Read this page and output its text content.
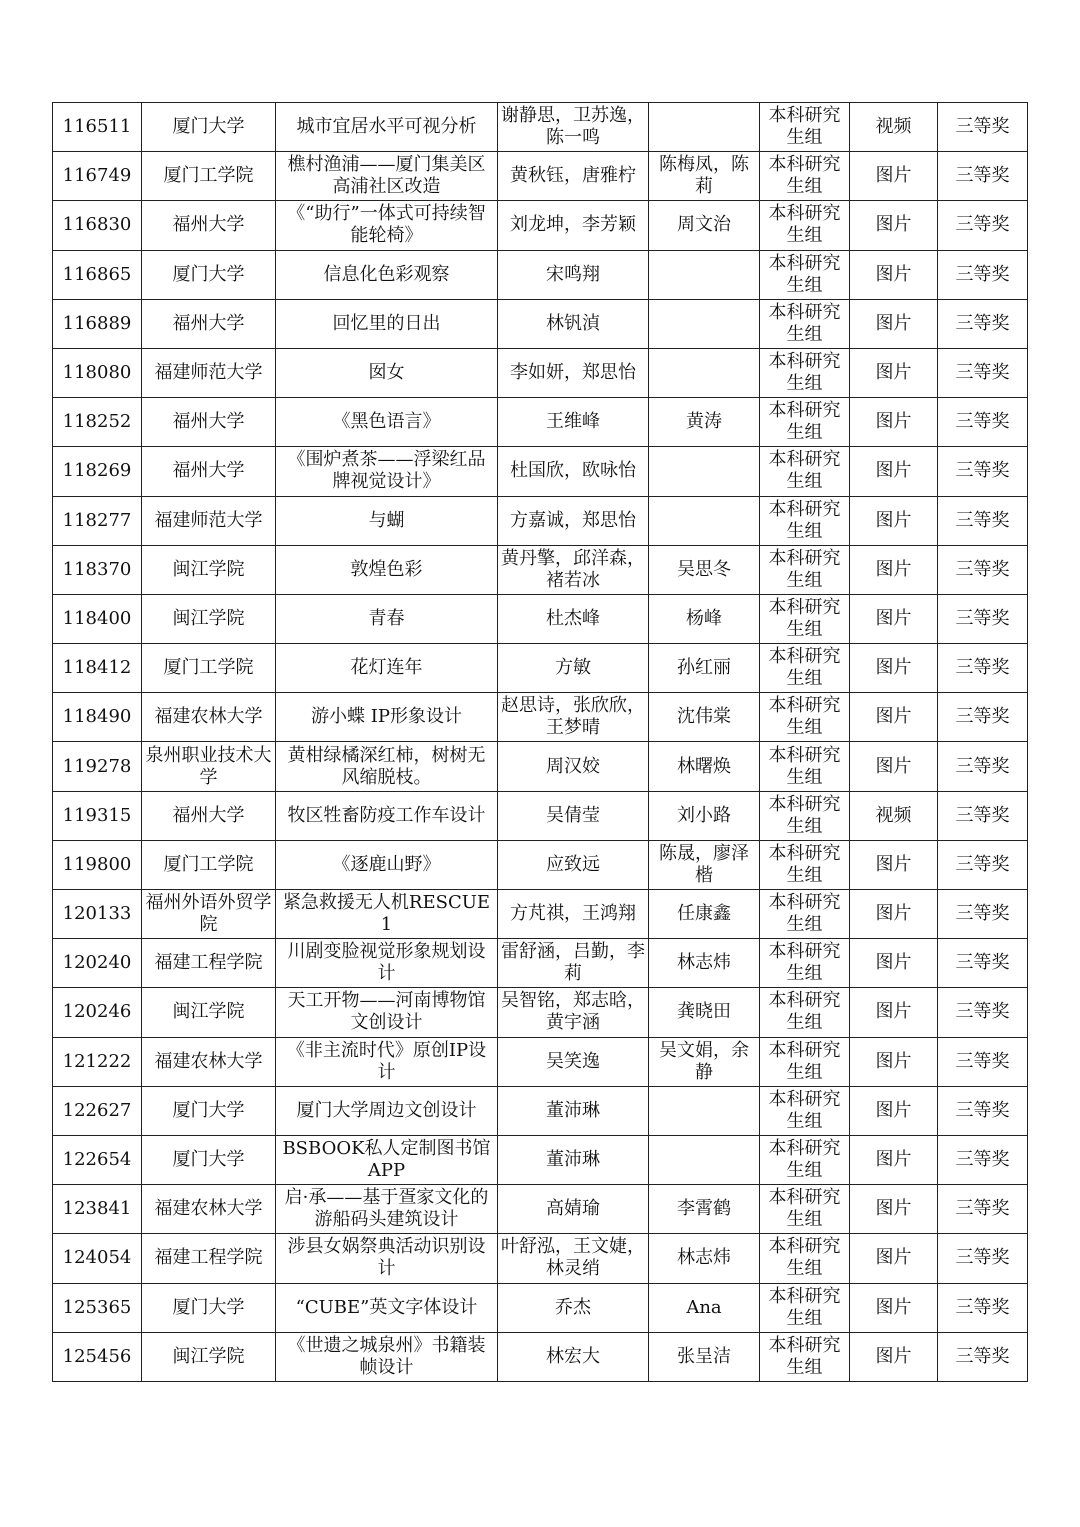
116511	厦门大学	城市宜居水平可视分析	谢静思，卫苏逸，陈一鸣		本科研究生组	视频	三等奖
116749	厦门工学院	樵村渔浦——厦门集美区高浦社区改造	黄秋钰，唐雅柠	陈梅凤，陈莉	本科研究生组	图片	三等奖
116830	福州大学	《“助行”一体式可持续智能轮椅》	刘龙坤，李芳颖	周文治	本科研究生组	图片	三等奖
116865	厦门大学	信息化色彩观察	宋鸣翔		本科研究生组	图片	三等奖
116889	福州大学	回忆里的日出	林钒湞		本科研究生组	图片	三等奖
118080	福建师范大学	囡女	李如妍，郑思怡		本科研究生组	图片	三等奖
118252	福州大学	《黑色语言》	王维峰	黄涛	本科研究生组	图片	三等奖
118269	福州大学	《围炉煮茶——浮梁红品牌视觉设计》	杜国欣，欧咏怡		本科研究生组	图片	三等奖
118277	福建师范大学	与蝴	方嘉诚，郑思怡		本科研究生组	图片	三等奖
118370	闽江学院	敦煌色彩	黄丹擎，邱洋森，褚若冰	吴思冬	本科研究生组	图片	三等奖
118400	闽江学院	青春	杜杰峰	杨峰	本科研究生组	图片	三等奖
118412	厦门工学院	花灯连年	方敏	孙红丽	本科研究生组	图片	三等奖
118490	福建农林大学	游小蝶 IP形象设计	赵思诗，张欣欣，王梦晴	沈伟棠	本科研究生组	图片	三等奖
119278	泉州职业技术大学	黄柑绿橘深红柿，树树无风缩脱枝。	周汉姣	林曙焕	本科研究生组	图片	三等奖
119315	福州大学	牧区牲畜防疫工作车设计	吴倩莹	刘小路	本科研究生组	视频	三等奖
119800	厦门工学院	《逐鹿山野》	应致远	陈晟，廖泽楷	本科研究生组	图片	三等奖
120133	福州外语外贸学院	紧急救援无人机RESCUE1	方芃祺，王鸿翔	任康鑫	本科研究生组	图片	三等奖
120240	福建工程学院	川剧变脸视觉形象规划设计	雷舒涵，吕勤，李莉	林志炜	本科研究生组	图片	三等奖
120246	闽江学院	天工开物——河南博物馆文创设计	吴智铭，郑志晗，黄宇涵	龚晓田	本科研究生组	图片	三等奖
121222	福建农林大学	《非主流时代》原创IP设计	吴笑逸	吴文娟，余静	本科研究生组	图片	三等奖
122627	厦门大学	厦门大学周边文创设计	董沛琳		本科研究生组	图片	三等奖
122654	厦门大学	BSBOOK私人定制图书馆APP	董沛琳		本科研究生组	图片	三等奖
123841	福建农林大学	启·承——基于疍家文化的游船码头建筑设计	高婧瑜	李霄鹤	本科研究生组	图片	三等奖
124054	福建工程学院	涉县女娲祭典活动识别设计	叶舒泓，王文婕，林灵绡	林志炜	本科研究生组	图片	三等奖
125365	厦门大学	“CUBE”英文字体设计	乔杰	Ana	本科研究生组	图片	三等奖
125456	闽江学院	《世遗之城泉州》书籍装帧设计	林宏大	张呈洁	本科研究生组	图片	三等奖
